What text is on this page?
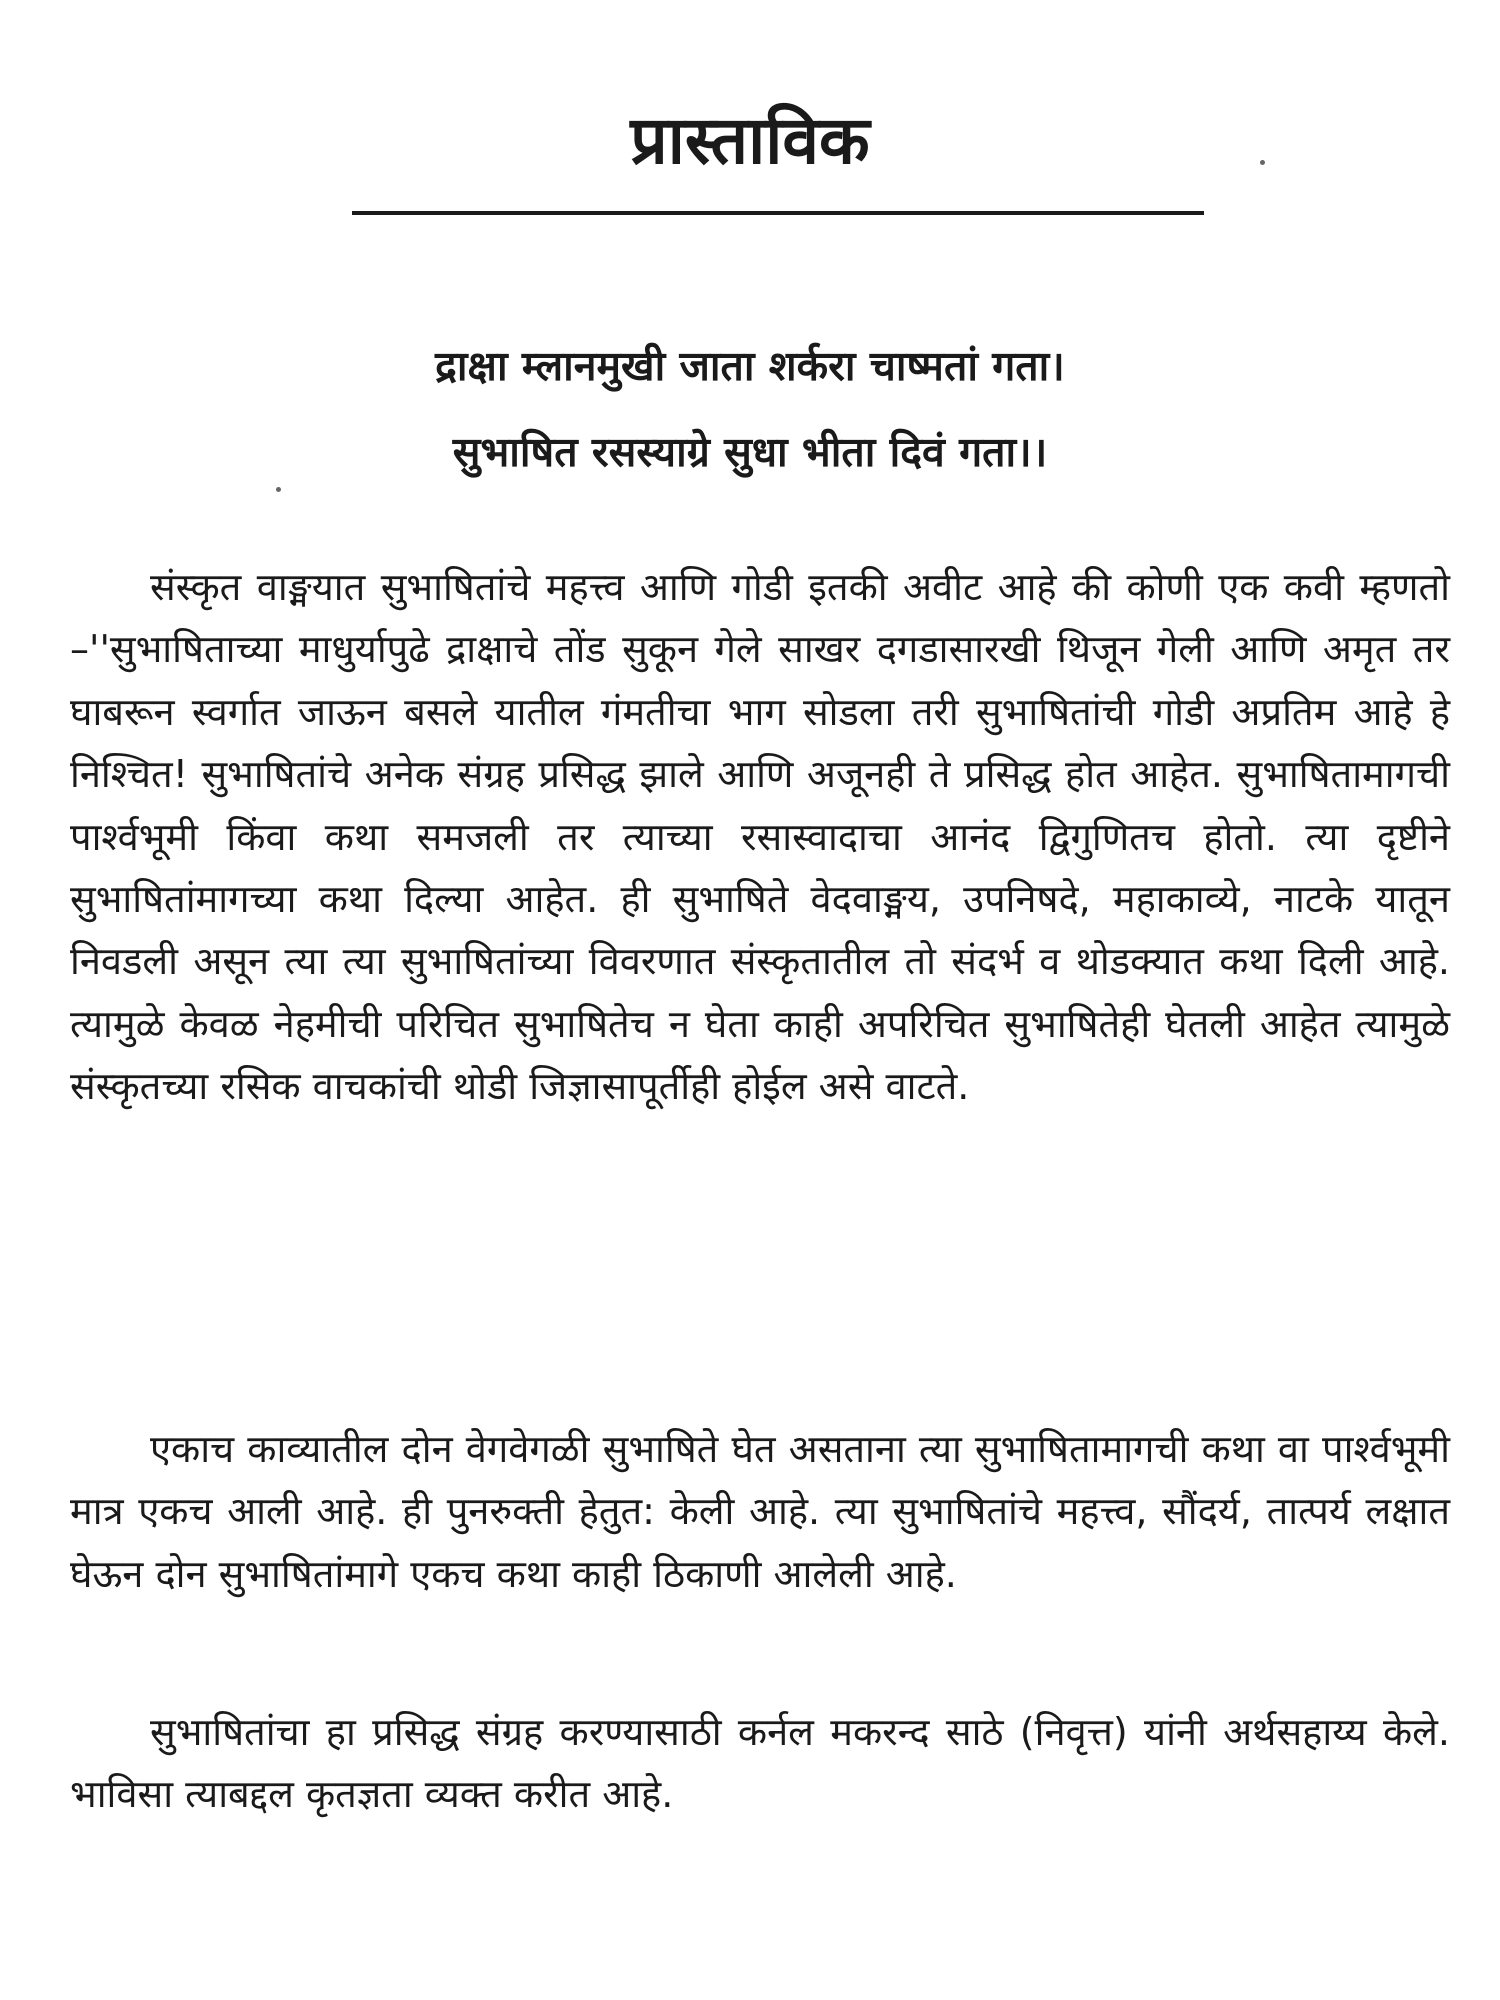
प्रास्ताविक
द्राक्षा म्लानमुखी जाता शर्करा चाष्मतां गता।
सुभाषित रसस्याग्रे सुधा भीता दिवं गता।।

संस्कृत वाङ्मयात सुभाषितांचे महत्त्व आणि गोडी इतकी अवीट आहे की कोणी एक कवी म्हणतो –''सुभाषिताच्या माधुर्यापुढे द्राक्षाचे तोंड सुकून गेले साखर दगडासारखी थिजून गेली आणि अमृत तर घाबरून स्वर्गात जाऊन बसले यातील गंमतीचा भाग सोडला तरी सुभाषितांची गोडी अप्रतिम आहे हे निश्चित! सुभाषितांचे अनेक संग्रह प्रसिद्ध झाले आणि अजूनही ते प्रसिद्ध होत आहेत. सुभाषितामागची पार्श्वभूमी किंवा कथा समजली तर त्याच्या रसास्वादाचा आनंद द्विगुणितच होतो. त्या दृष्टीने सुभाषितांमागच्या कथा दिल्या आहेत. ही सुभाषिते वेदवाङ्मय, उपनिषदे, महाकाव्ये, नाटके यातून निवडली असून त्या त्या सुभाषितांच्या विवरणात संस्कृतातील तो संदर्भ व थोडक्यात कथा दिली आहे. त्यामुळे केवळ नेहमीची परिचित सुभाषितेच न घेता काही अपरिचित सुभाषितेही घेतली आहेत त्यामुळे संस्कृतच्या रसिक वाचकांची थोडी जिज्ञासापूर्तीही होईल असे वाटते.

एकाच काव्यातील दोन वेगवेगळी सुभाषिते घेत असताना त्या सुभाषितामागची कथा वा पार्श्वभूमी मात्र एकच आली आहे. ही पुनरुक्ती हेतुत: केली आहे. त्या सुभाषितांचे महत्त्व, सौंदर्य, तात्पर्य लक्षात घेऊन दोन सुभाषितांमागे एकच कथा काही ठिकाणी आलेली आहे.

सुभाषितांचा हा प्रसिद्ध संग्रह करण्यासाठी कर्नल मकरन्द साठे (निवृत्त) यांनी अर्थसहाय्य केले. भाविसा त्याबद्दल कृतज्ञता व्यक्त करीत आहे.
